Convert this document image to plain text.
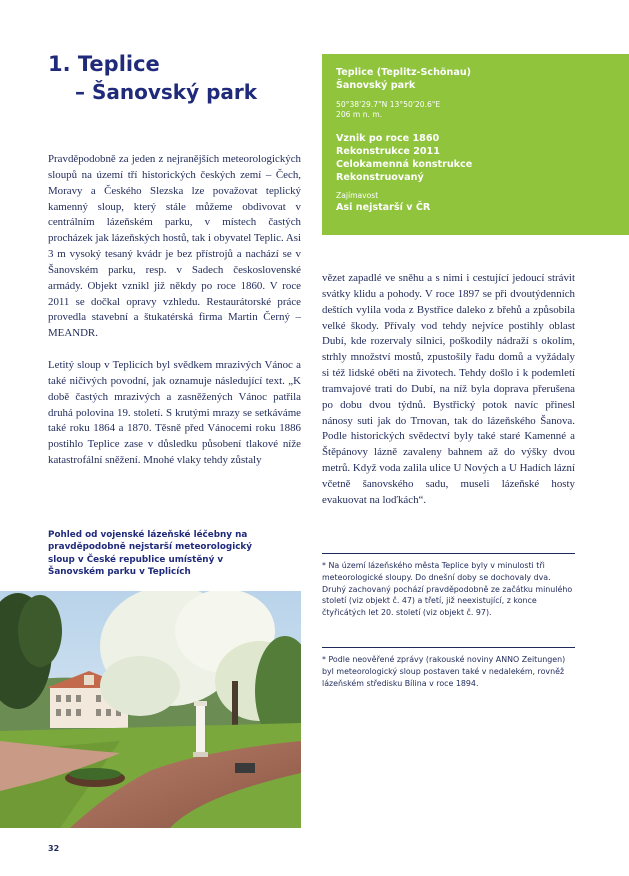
1. Teplice
– Šanovský park
Teplice (Teplitz-Schönau)
Šanovský park
50°38'29.7"N 13°50'20.6"E
206 m n. m.
Vznik po roce 1860
Rekonstrukce 2011
Celokamenná konstrukce
Rekonstruovaný
Zajímavost
Asi nejstarší v ČR

Pravděpodobně za jeden z nejranějších meteorologických sloupů na území tří historických českých zemí – Čech, Moravy a Českého Slezska lze považovat teplický kamenný sloup, který stále můžeme obdivovat v centrálním lázeňském parku, v místech častých procházek jak lázeňských hostů, tak i obyvatel Teplic. Asi 3 m vysoký tesaný kvádr je bez přístrojů a nachází se v Šanovském parku, resp. v Sadech československé armády. Objekt vznikl již někdy po roce 1860. V roce 2011 se dočkal opravy vzhledu. Restaurátorské práce provedla stavební a štukatérská firma Martin Černý – MEANDR.

Letitý sloup v Teplicích byl svědkem mrazivých Vánoc a také ničivých povodní, jak oznamuje následující text. „K době častých mrazivých a zasněžených Vánoc patřila druhá polovina 19. století. S krutými mrazy se setkáváme také roku 1864 a 1870. Těsně před Vánocemi roku 1886 postihlo Teplice zase v důsledku působení tlakové níže katastrofální sněžení. Mnohé vlaky tehdy zůstaly

vězet zapadlé ve sněhu a s nimi i cestující jedoucí strávit svátky klidu a pohody. V roce 1897 se při dvoutýdenních deštích vylila voda z Bystřice daleko z břehů a způsobila velké škody. Přívaly vod tehdy nejvíce postihly oblast Dubí, kde rozervaly silnici, poškodily nádraží s okolím, strhly množství mostů, zpustošily řadu domů a vyžádaly si též lidské oběti na životech. Tehdy došlo i k podemletí tramvajové trati do Dubí, na níž byla doprava přerušena po dobu dvou týdnů. Bystřický potok navíc přinesl nánosy suti jak do Trnovan, tak do lázeňského Šanova. Podle historických svědectví byly také staré Kamenné a Štěpánovy lázně zavaleny bahnem až do výšky dvou metrů. Když voda zalila ulice U Nových a U Hadích lázní včetně šanovského sadu, museli lázeňské hosty evakuovat na loďkách“.

Pohled od vojenské lázeňské léčebny na pravděpodobně nejstarší meteorologický sloup v České republice umístěný v Šanovském parku v Teplicích
* Na území lázeňského města Teplice byly v minulosti tři meteorologické sloupy. Do dnešní doby se dochovaly dva. Druhý zachovaný pochází pravděpodobně ze začátku minulého století (viz objekt č. 47) a třetí, již neexistující, z konce čtyřicátých let 20. století (viz objekt č. 97).
* Podle neověřené zprávy (rakouské noviny ANNO Zeitungen) byl meteorologický sloup postaven také v nedalekém, rovněž lázeňském středisku Bílina v roce 1894.
32
